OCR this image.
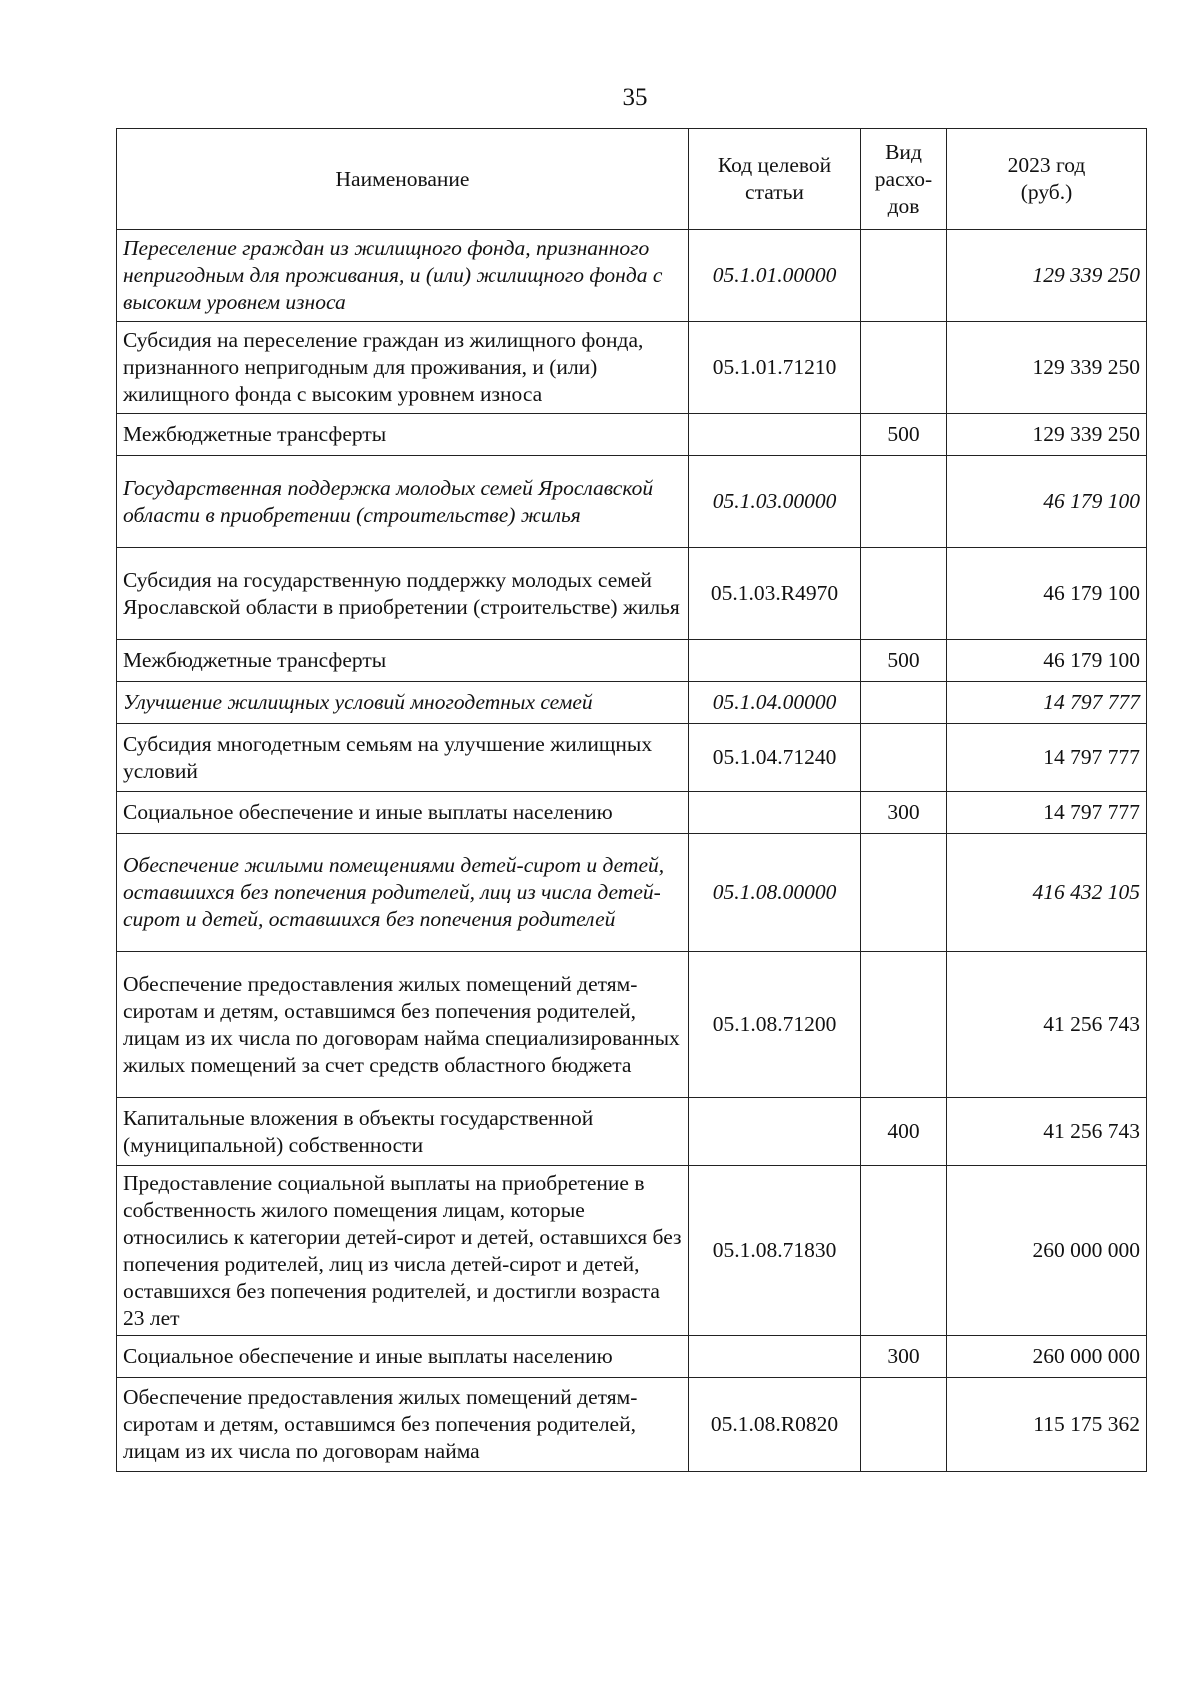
35
Наименование	Код целевой статьи	Вид расхо-дов	2023 год (руб.)
Переселение граждан из жилищного фонда, признанного непригодным для проживания, и (или) жилищного фонда с высоким уровнем износа	05.1.01.00000		129 339 250
Субсидия на переселение граждан из жилищного фонда, признанного непригодным для проживания, и (или) жилищного фонда с высоким уровнем износа	05.1.01.71210		129 339 250
Межбюджетные трансферты		500	129 339 250
Государственная поддержка молодых семей Ярославской области в приобретении (строительстве) жилья	05.1.03.00000		46 179 100
Субсидия на государственную поддержку молодых семей Ярославской области в приобретении (строительстве) жилья	05.1.03.R4970		46 179 100
Межбюджетные трансферты		500	46 179 100
Улучшение жилищных условий многодетных семей	05.1.04.00000		14 797 777
Субсидия многодетным семьям на улучшение жилищных условий	05.1.04.71240		14 797 777
Социальное обеспечение и иные выплаты населению		300	14 797 777
Обеспечение жилыми помещениями детей-сирот и детей, оставшихся без попечения родителей, лиц из числа детей-сирот и детей, оставшихся без попечения родителей	05.1.08.00000		416 432 105
Обеспечение предоставления жилых помещений детям-сиротам и детям, оставшимся без попечения родителей, лицам из их числа по договорам найма специализированных жилых помещений за счет средств областного бюджета	05.1.08.71200		41 256 743
Капитальные вложения в объекты государственной (муниципальной) собственности		400	41 256 743
Предоставление социальной выплаты на приобретение в собственность жилого помещения лицам, которые относились к категории детей-сирот и детей, оставшихся без попечения родителей, лиц из числа детей-сирот и детей, оставшихся без попечения родителей, и достигли возраста 23 лет	05.1.08.71830		260 000 000
Социальное обеспечение и иные выплаты населению		300	260 000 000
Обеспечение предоставления жилых помещений детям-сиротам и детям, оставшимся без попечения родителей, лицам из их числа по договорам найма	05.1.08.R0820		115 175 362
